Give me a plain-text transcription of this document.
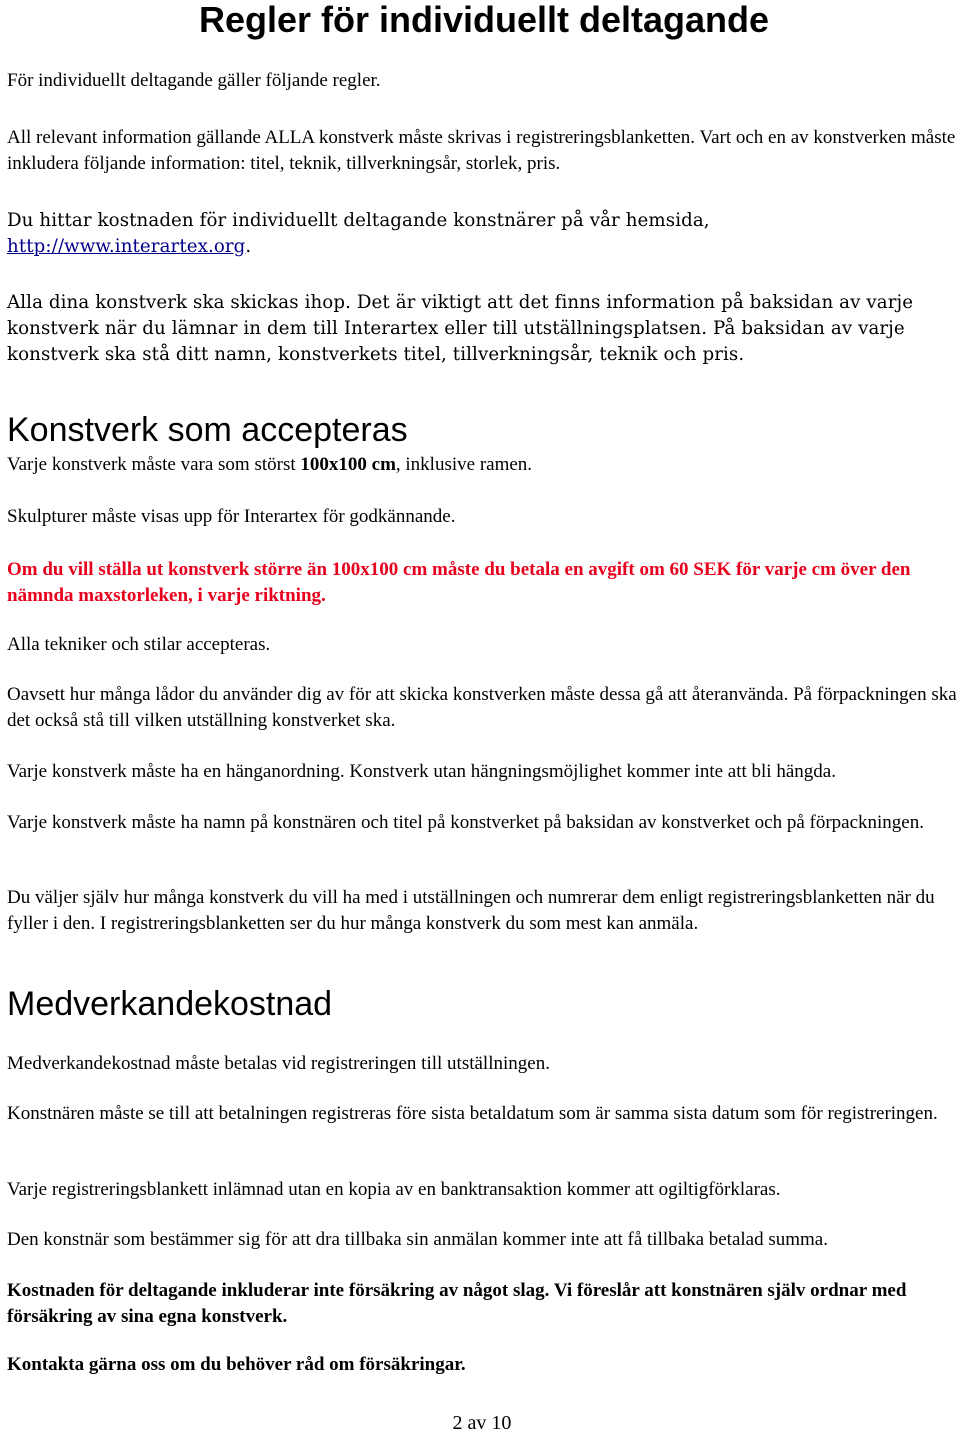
Regler för individuellt deltagande

För individuellt deltagande gäller följande regler.

All relevant information gällande ALLA konstverk måste skrivas i registreringsblanketten. Vart och en av konstverken måste inkludera följande information: titel, teknik, tillverkningsår, storlek, pris.

Du hittar kostnaden för individuellt deltagande konstnärer på vår hemsida,
http://www.interartex.org.

Alla dina konstverk ska skickas ihop. Det är viktigt att det finns information på baksidan av varje konstverk när du lämnar in dem till Interartex eller till utställningsplatsen. På baksidan av varje konstverk ska stå ditt namn, konstverkets titel, tillverkningsår, teknik och pris.

Konstverk som accepteras

Varje konstverk måste vara som störst 100x100 cm, inklusive ramen.

Skulpturer måste visas upp för Interartex för godkännande.

Om du vill ställa ut konstverk större än 100x100 cm måste du betala en avgift om 60 SEK för varje cm över den nämnda maxstorleken, i varje riktning.

Alla tekniker och stilar accepteras.

Oavsett hur många lådor du använder dig av för att skicka konstverken måste dessa gå att återanvända. På förpackningen ska det också stå till vilken utställning konstverket ska.

Varje konstverk måste ha en hänganordning. Konstverk utan hängningsmöjlighet kommer inte att bli hängda.

Varje konstverk måste ha namn på konstnären och titel på konstverket på baksidan av konstverket och på förpackningen.

Du väljer själv hur många konstverk du vill ha med i utställningen och numrerar dem enligt registreringsblanketten när du fyller i den. I registreringsblanketten ser du hur många konstverk du som mest kan anmäla.

Medverkandekostnad

Medverkandekostnad måste betalas vid registreringen till utställningen.

Konstnären måste se till att betalningen registreras före sista betaldatum som är samma sista datum som för registreringen.

Varje registreringsblankett inlämnad utan en kopia av en banktransaktion kommer att ogiltigförklaras.

Den konstnär som bestämmer sig för att dra tillbaka sin anmälan kommer inte att få tillbaka betalad summa.

Kostnaden för deltagande inkluderar inte försäkring av något slag. Vi föreslår att konstnären själv ordnar med försäkring av sina egna konstverk.

Kontakta gärna oss om du behöver råd om försäkringar.

2 av 10
